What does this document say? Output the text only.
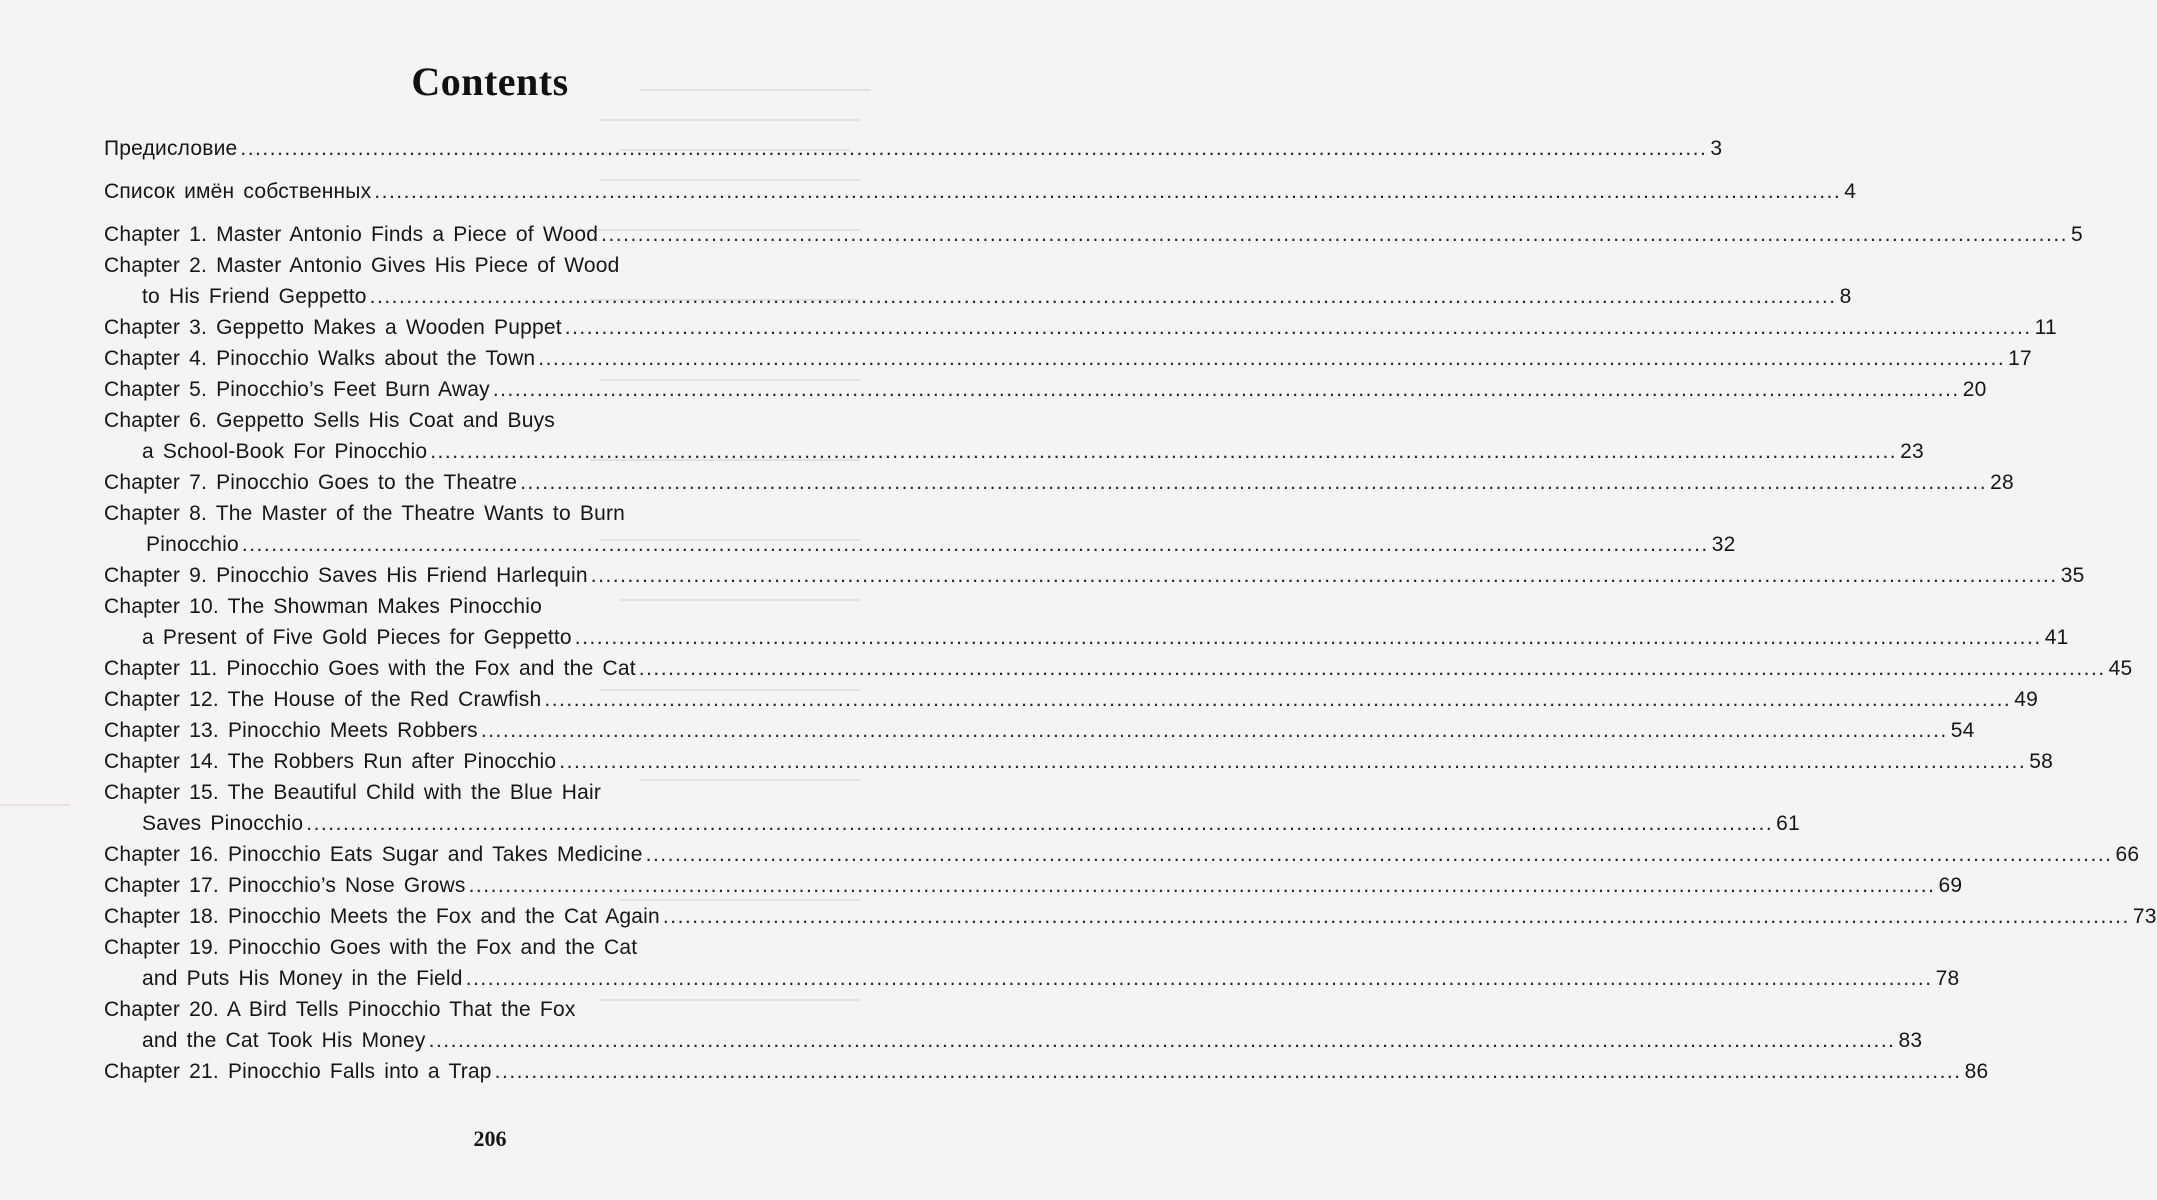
Contents
Предисловие ........................................................................................................................................................................................................ 3
Список имён собственных ........................................................................................................................................................................................................ 4
Chapter 1. Master Antonio Finds a Piece of Wood ........................................................................................................................................................................................................ 5
Chapter 2. Master Antonio Gives His Piece of Wood
to His Friend Geppetto ........................................................................................................................................................................................................ 8
Chapter 3. Geppetto Makes a Wooden Puppet ........................................................................................................................................................................................................ 11
Chapter 4. Pinocchio Walks about the Town ........................................................................................................................................................................................................ 17
Chapter 5. Pinocchio’s Feet Burn Away ........................................................................................................................................................................................................ 20
Chapter 6. Geppetto Sells His Coat and Buys
a School-Book For Pinocchio ........................................................................................................................................................................................................ 23
Chapter 7. Pinocchio Goes to the Theatre ........................................................................................................................................................................................................ 28
Chapter 8. The Master of the Theatre Wants to Burn
Pinocchio ........................................................................................................................................................................................................ 32
Chapter 9. Pinocchio Saves His Friend Harlequin ........................................................................................................................................................................................................ 35
Chapter 10. The Showman Makes Pinocchio
a Present of Five Gold Pieces for Geppetto ........................................................................................................................................................................................................ 41
Chapter 11. Pinocchio Goes with the Fox and the Cat ........................................................................................................................................................................................................ 45
Chapter 12. The House of the Red Crawfish ........................................................................................................................................................................................................ 49
Chapter 13. Pinocchio Meets Robbers ........................................................................................................................................................................................................ 54
Chapter 14. The Robbers Run after Pinocchio ........................................................................................................................................................................................................ 58
Chapter 15. The Beautiful Child with the Blue Hair
Saves Pinocchio ........................................................................................................................................................................................................ 61
Chapter 16. Pinocchio Eats Sugar and Takes Medicine ........................................................................................................................................................................................................ 66
Chapter 17. Pinocchio’s Nose Grows ........................................................................................................................................................................................................ 69
Chapter 18. Pinocchio Meets the Fox and the Cat Again ........................................................................................................................................................................................................ 73
Chapter 19. Pinocchio Goes with the Fox and the Cat
and Puts His Money in the Field ........................................................................................................................................................................................................ 78
Chapter 20. A Bird Tells Pinocchio That the Fox
and the Cat Took His Money ........................................................................................................................................................................................................ 83
Chapter 21. Pinocchio Falls into a Trap ........................................................................................................................................................................................................ 86
206
